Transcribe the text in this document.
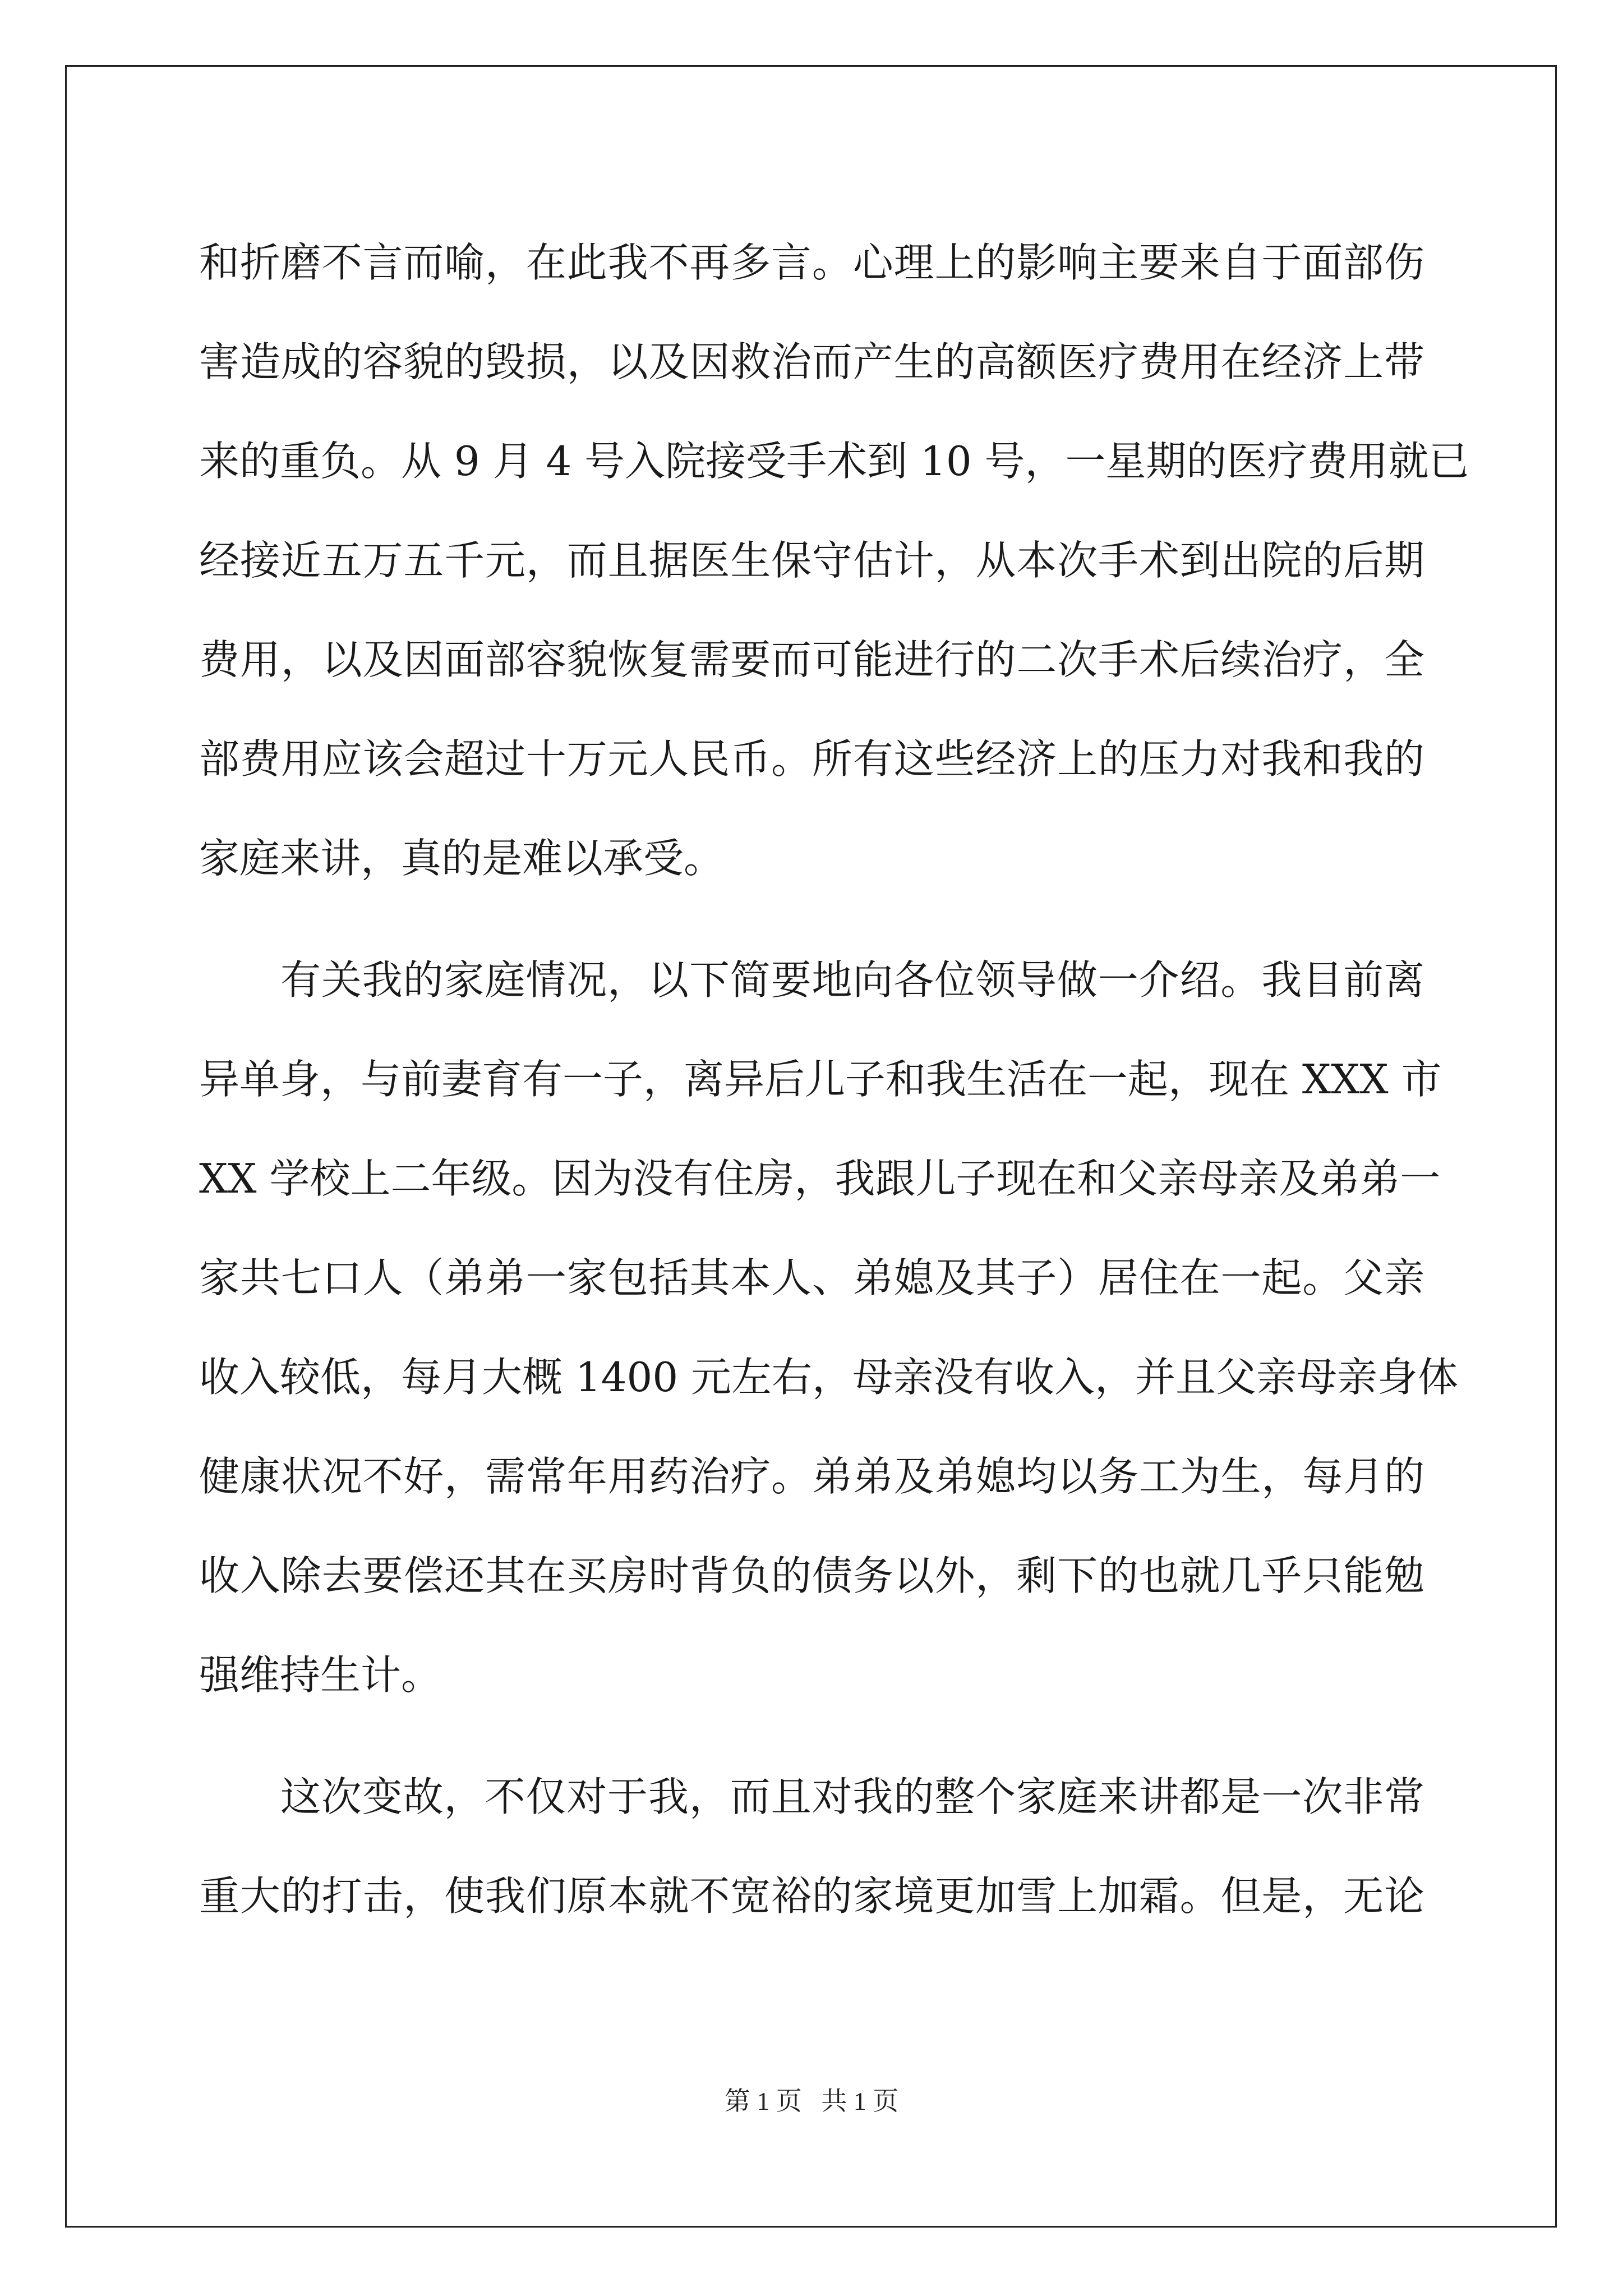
和折磨不言而喻，在此我不再多言。心理上的影响主要来自于面部伤
害造成的容貌的毁损，以及因救治而产生的高额医疗费用在经济上带
来的重负。从 9 月 4 号入院接受手术到 10 号，一星期的医疗费用就已
经接近五万五千元，而且据医生保守估计，从本次手术到出院的后期
费用，以及因面部容貌恢复需要而可能进行的二次手术后续治疗，全
部费用应该会超过十万元人民币。所有这些经济上的压力对我和我的
家庭来讲，真的是难以承受。
有关我的家庭情况，以下简要地向各位领导做一介绍。我目前离
异单身，与前妻育有一子，离异后儿子和我生活在一起，现在 XXX 市
XX 学校上二年级。因为没有住房，我跟儿子现在和父亲母亲及弟弟一
家共七口人（弟弟一家包括其本人、弟媳及其子）居住在一起。父亲
收入较低，每月大概 1400 元左右，母亲没有收入，并且父亲母亲身体
健康状况不好，需常年用药治疗。弟弟及弟媳均以务工为生，每月的
收入除去要偿还其在买房时背负的债务以外，剩下的也就几乎只能勉
强维持生计。
这次变故，不仅对于我，而且对我的整个家庭来讲都是一次非常
重大的打击，使我们原本就不宽裕的家境更加雪上加霜。但是，无论
第 1 页 共 1 页
